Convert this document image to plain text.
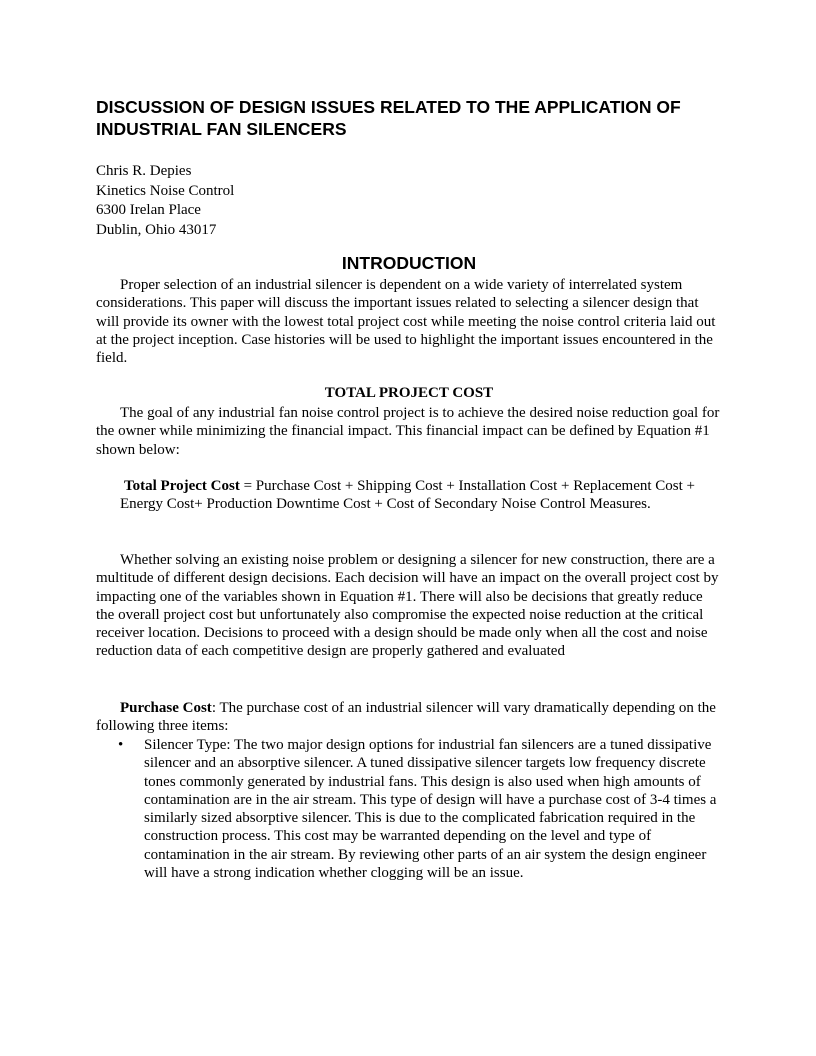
DISCUSSION OF DESIGN ISSUES RELATED TO THE APPLICATION OF INDUSTRIAL FAN SILENCERS
Chris R. Depies
Kinetics Noise Control
6300 Irelan Place
Dublin, Ohio 43017
INTRODUCTION

Proper selection of an industrial silencer is dependent on a wide variety of interrelated system considerations. This paper will discuss the important issues related to selecting a silencer design that will provide its owner with the lowest total project cost while meeting the noise control criteria laid out at the project inception. Case histories will be used to highlight the important issues encountered in the field.

TOTAL PROJECT COST

The goal of any industrial fan noise control project is to achieve the desired noise reduction goal for the owner while minimizing the financial impact. This financial impact can be defined by Equation #1 shown below:

Total Project Cost = Purchase Cost + Shipping Cost + Installation Cost + Replacement Cost + Energy Cost+ Production Downtime Cost + Cost of Secondary Noise Control Measures.

Whether solving an existing noise problem or designing a silencer for new construction, there are a multitude of different design decisions. Each decision will have an impact on the overall project cost by impacting one of the variables shown in Equation #1. There will also be decisions that greatly reduce the overall project cost but unfortunately also compromise the expected noise reduction at the critical receiver location. Decisions to proceed with a design should be made only when all the cost and noise reduction data of each competitive design are properly gathered and evaluated

Purchase Cost: The purchase cost of an industrial silencer will vary dramatically depending on the following three items:

• Silencer Type: The two major design options for industrial fan silencers are a tuned dissipative silencer and an absorptive silencer. A tuned dissipative silencer targets low frequency discrete tones commonly generated by industrial fans. This design is also used when high amounts of contamination are in the air stream. This type of design will have a purchase cost of 3-4 times a similarly sized absorptive silencer. This is due to the complicated fabrication required in the construction process. This cost may be warranted depending on the level and type of contamination in the air stream. By reviewing other parts of an air system the design engineer will have a strong indication whether clogging will be an issue.
